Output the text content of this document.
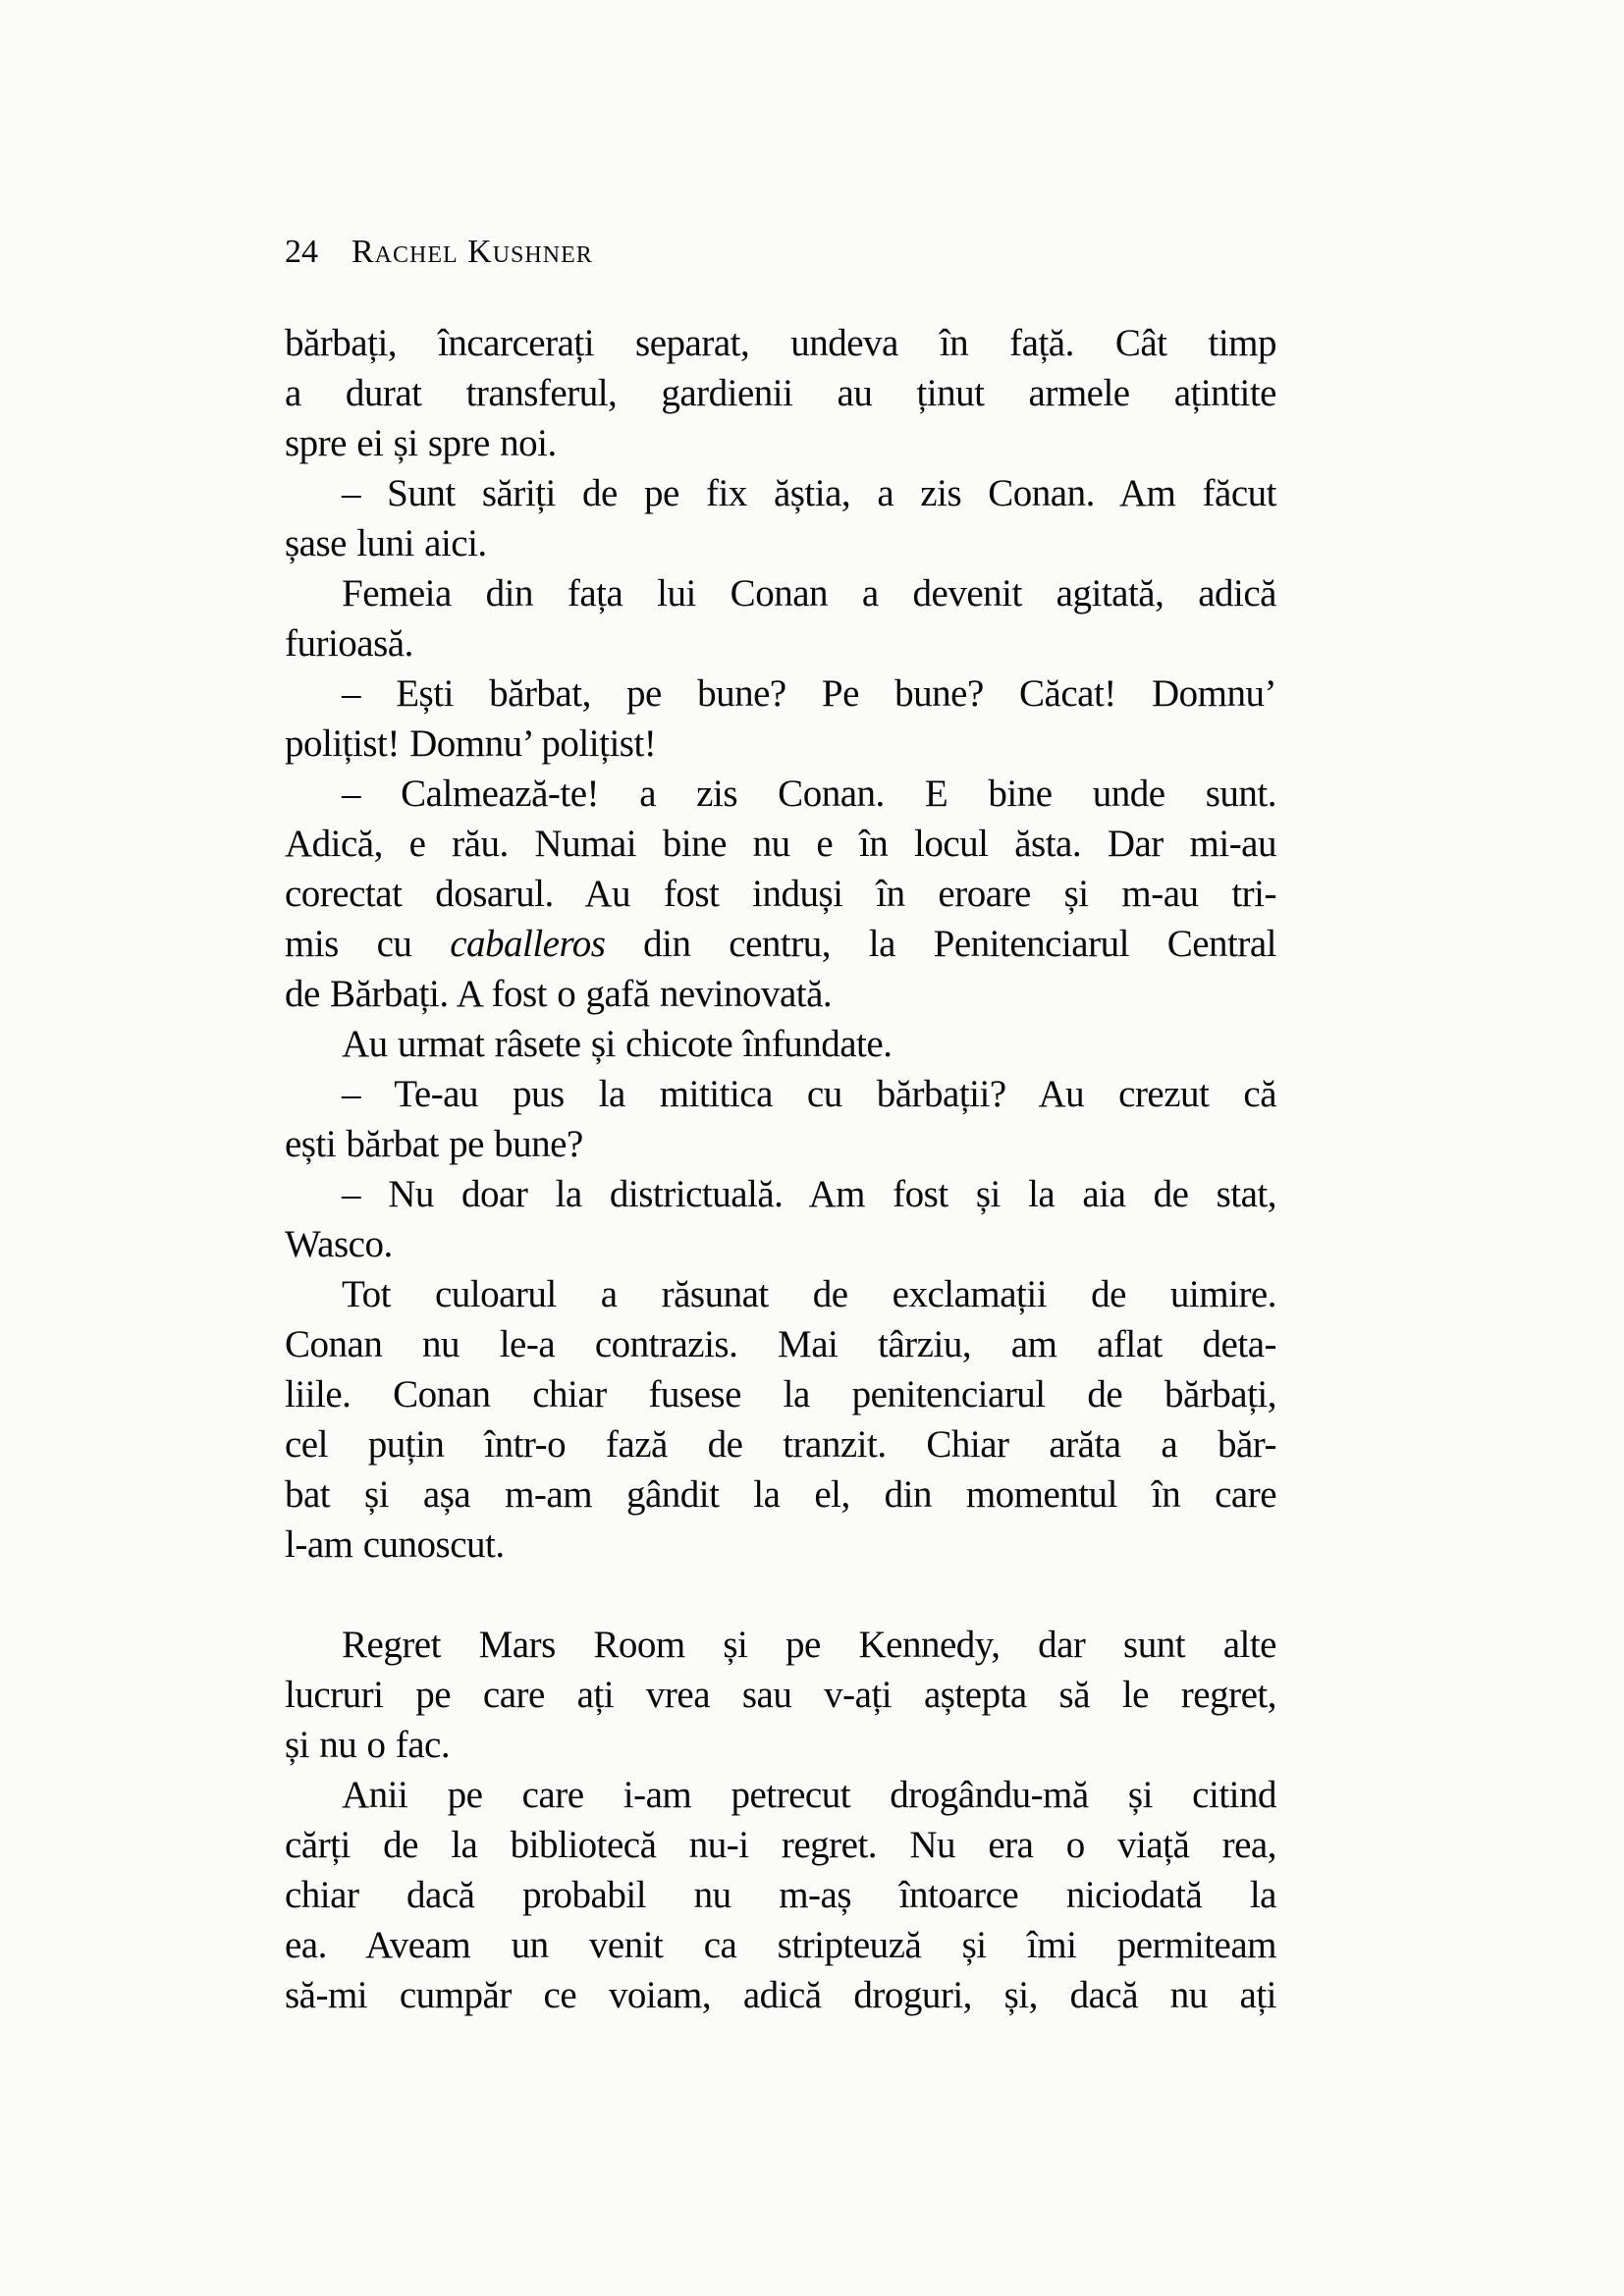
24 Rachel Kushner
bărbați, încarcerați separat, undeva în față. Cât timp
a durat transferul, gardienii au ținut armele ațintite
spre ei și spre noi.
– Sunt săriți de pe fix ăștia, a zis Conan. Am făcut
șase luni aici.
Femeia din fața lui Conan a devenit agitată, adică
furioasă.
– Ești bărbat, pe bune? Pe bune? Căcat! Domnu’
polițist! Domnu’ polițist!
– Calmează-te! a zis Conan. E bine unde sunt.
Adică, e rău. Numai bine nu e în locul ăsta. Dar mi-au
corectat dosarul. Au fost induși în eroare și m-au tri-
mis cu caballeros din centru, la Penitenciarul Central
de Bărbați. A fost o gafă nevinovată.
Au urmat râsete și chicote înfundate.
– Te-au pus la mititica cu bărbații? Au crezut că
ești bărbat pe bune?
– Nu doar la districtuală. Am fost și la aia de stat,
Wasco.
Tot culoarul a răsunat de exclamații de uimire.
Conan nu le-a contrazis. Mai târziu, am aflat deta-
liile. Conan chiar fusese la penitenciarul de bărbați,
cel puțin într-o fază de tranzit. Chiar arăta a băr-
bat și așa m-am gândit la el, din momentul în care
l-am cunoscut.

Regret Mars Room și pe Kennedy, dar sunt alte
lucruri pe care ați vrea sau v-ați aștepta să le regret,
și nu o fac.
Anii pe care i-am petrecut drogându-mă și citind
cărți de la bibliotecă nu-i regret. Nu era o viață rea,
chiar dacă probabil nu m-aș întoarce niciodată la
ea. Aveam un venit ca stripteuză și îmi permiteam
să-mi cumpăr ce voiam, adică droguri, și, dacă nu ați
